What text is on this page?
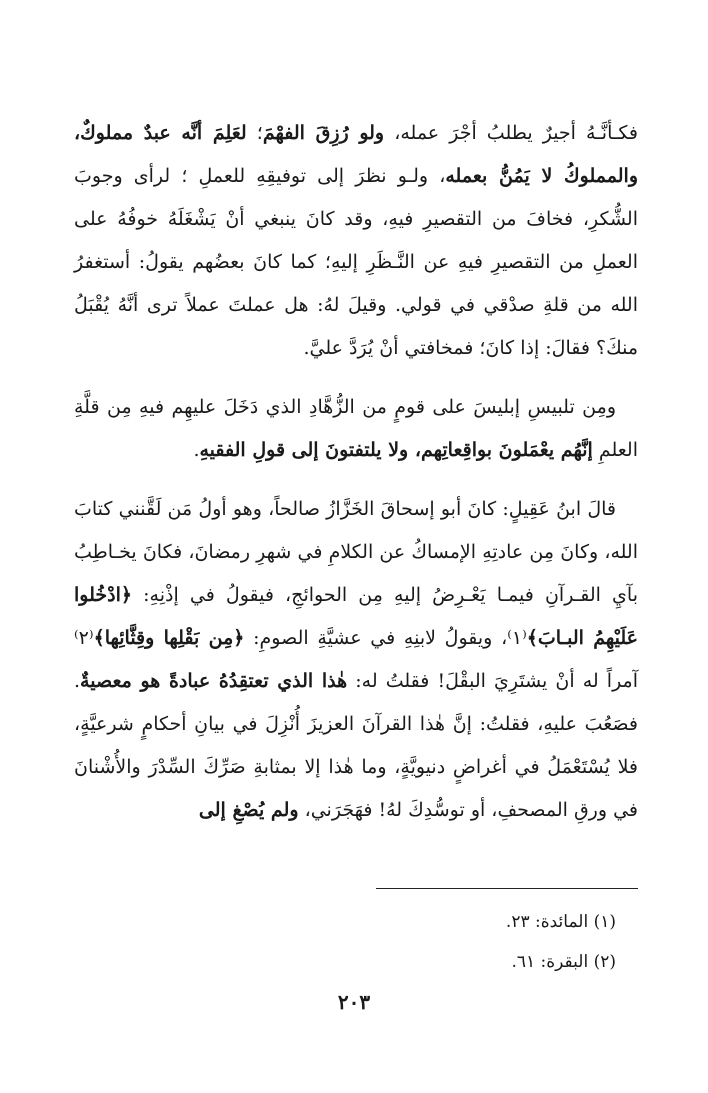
فكـأنَّـهُ أجيرٌ يطلبُ أجْرَ عمله، ولو رُزِقَ الفهْمَ؛ لعَلِمَ أنَّه عبدٌ مملوكٌ، والمملوكُ لا يَمُنُّ بعمله، ولـو نظرَ إلى توفيقِهِ للعملِ ؛ لرأى وجوبَ الشُّكرِ، فخافَ من التقصيرِ فيهِ، وقد كانَ ينبغي أنْ يَشْغَلَهُ خوفُهُ على العملِ من التقصيرِ فيهِ عن النَّـظَرِ إليهِ؛ كما كانَ بعضُهم يقولُ: أستغفرُ الله من قلةِ صدْقي في قولي. وقيلَ لهُ: هل عملتَ عملاً ترى أنَّهُ يُقْبَلُ منكَ؟ فقالَ: إذا كانَ؛ فمخافتي أنْ يُرَدَّ عليَّ.

ومِن تلبيسِ إبليسَ على قومٍ من الزُّهَّادِ الذي دَخَلَ عليهِم فيهِ مِن قلَّةِ العلمِ إنَّهُم يعْمَلونَ بواقِعاتِهم، ولا يلتفتونَ إلى قولِ الفقيهِ.

قالَ ابنُ عَقِيلٍ: كانَ أبو إسحاقَ الخَزَّازُ صالحاً، وهو أولُ مَن لَقَّنني كتابَ الله، وكانَ مِن عادتِهِ الإمساكُ عن الكلامِ في شهرِ رمضانَ، فكانَ يخـاطِبُ بآيِ القـرآنِ فيمـا يَعْـرِضُ إليهِ مِن الحوائجِ، فيقولُ في إذْنِهِ: ﴿ادْخُلوا عَلَيْهِمُ البـابَ﴾⁽١⁾، ويقولُ لابنِهِ في عشيَّةِ الصومِ: ﴿مِن بَقْلِها وقِثَّائِها﴾⁽٢⁾ آمراً له أنْ يشتَرِيَ البقْلَ! فقلتُ له: هٰذا الذي تعتقِدُهُ عبادةً هو معصيةٌ. فصَعُبَ عليهِ، فقلتُ: إنَّ هٰذا القرآنَ العزيزَ أُنْزِلَ في بيانِ أحكامٍ شرعيَّةٍ، فلا يُسْتَعْمَلُ في أغراضٍ دنيويَّةٍ، وما هٰذا إلا بمثابةِ صَرِّكَ السِّدْرَ والأُشْنانَ في ورقِ المصحفِ، أو توسُّدِكَ لهُ! فهَجَرَني، ولم يُصْغِ إلى

(١) المائدة: ٢٣.

(٢) البقرة: ٦١.

٢٠٣
